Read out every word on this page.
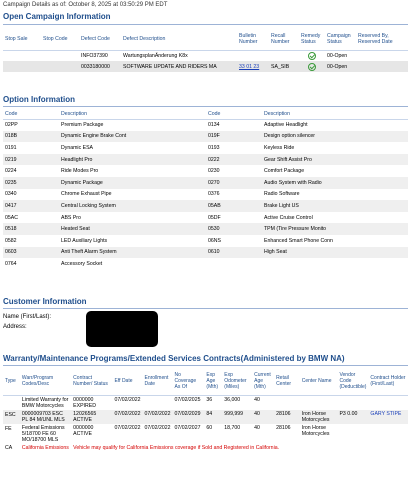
Campaign Details as of: October 8, 2025 at 03:50:29 PM EDT
Open Campaign Information
Stop Sale	Stop Code	Defect Code	Defect Description	Bulletin Number	Recall Number	Remedy Status	Campaign Status	Reserved By, Reserved Date
		INFO37390	WartungsplanÄnderung K8x				00-Open	
		0033180000	SOFTWARE UPDATE AND RIDERS MA	33 01 23	SA_SIB		00-Open	
Option Information
Code	Description	Code	Description
02PP	Premium Package	0134	Adaptive Headlight
018B	Dynamic Engine Brake Cont	019F	Design option silencer
0191	Dynamic ESA	0193	Keyless Ride
0219	Headlight Pro	0222	Gear Shift Assist Pro
0224	Ride Modes Pro	0230	Comfort Package
0235	Dynamic Package	0270	Audio System with Radio
0340	Chrome Exhaust Pipe	0376	Radio Software
0417	Central Locking System	05AB	Brake Light US
05AC	ABS Pro	05DF	Active Cruise Control
0518	Heated Seat	0530	TPM (Tire Pressure Monito
0582	LED Auxiliary Lights	06NS	Enhanced Smart Phone Conn
0603	Anti Theft Alarm System	0610	High Seat
0764	Accessory Socket		
Customer Information
Name (First/Last):
Address:
Warranty/Maintenance Programs/Extended Services Contracts(Administered by BMW NA)
Type	Warr/Program Codes/Desc	Contract Number/ Status	Eff Date	Enrollment Date	No Coverage As Of	Exp Age (Mth)	Exp Odometer (Miles)	Current Age (Mth)	Retail Center	Center Name	Vendor Code (Deductible)	Contract Holder (First/Last)
	Limited Warranty for BMW Motorcycles	0000000 EXPIRED	07/02/2022		07/02/2025	36	36,000	40				
ESC	0000009703 ESC PL 84 M/UNL MLS	12026565 ACTIVE	07/02/2022	07/02/2022	07/02/2029	84	999,999	40	28106	Iron Horse Motorcycles	P3 0.00	GARY STIPE
FE	Federal Emissions 5/18700 FE 60 MO/18700 MLS	0000000 ACTIVE	07/02/2022	07/02/2022	07/02/2027	60	18,700	40	28106	Iron Horse Motorcycles		
CA	California Emissions	Vehicle may qualify for California Emissions coverage if Sold and Registered in California.										
